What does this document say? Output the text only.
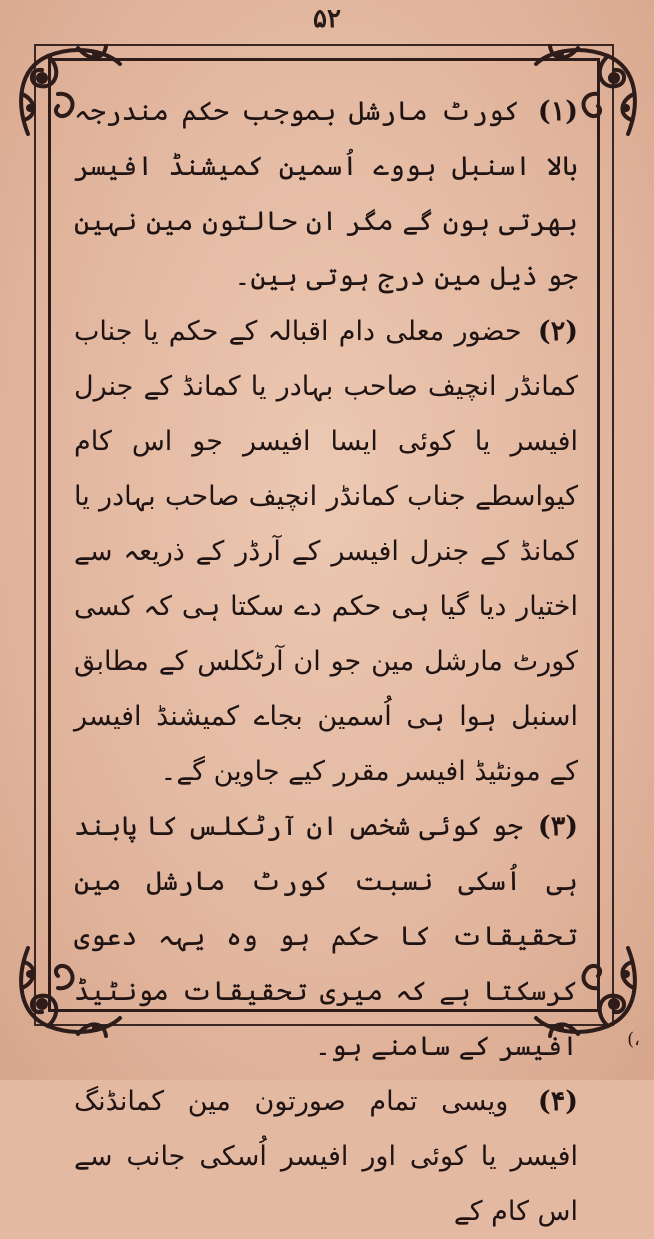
۵۲

(۱) کورٹ مارشل بموجب حکم مندرجہ بالا اسنبل ہووے اُسمین کمیشنڈ افیسر بھرتی ہون گے مگر ان حالتون مین نہین جو ذیل مین درج ہوتی ہین۔

(۲) حضور معلی دام اقبالہ کے حکم یا جناب کمانڈر انچیف صاحب بہادر یا کمانڈ کے جنرل افیسر یا کوئی ایسا افیسر جو اس کام کیواسطے جناب کمانڈر انچیف صاحب بہادر یا کمانڈ کے جنرل افیسر کے آرڈر کے ذریعہ سے اختیار دیا گیا ہی حکم دے سکتا ہی کہ کسی کورٹ مارشل مین جو ان آرٹکلس کے مطابق اسنبل ہوا ہی اُسمین بجاے کمیشنڈ افیسر کے مونٹیڈ افیسر مقرر کیے جاوین گے۔

(۳) جو کوئی شخص ان آرٹکلس کا پابند ہی اُسکی نسبت کورٹ مارشل مین تحقیقات کا حکم ہو وہ یہہ دعوی کرسکتا ہے کہ میری تحقیقات مونٹیڈ افیسر کے سامنے ہو۔

(۴) ویسی تمام صورتون مین کمانڈنگ افیسر یا کوئی اور افیسر اُسکی جانب سے اس کام کے

(،
